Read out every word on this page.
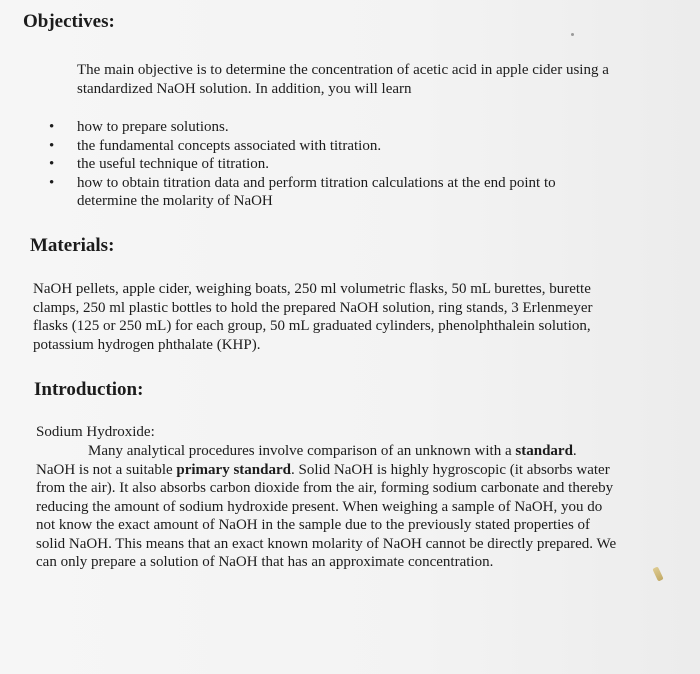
Objectives:

The main objective is to determine the concentration of acetic acid in apple cider using a standardized NaOH solution. In addition, you will learn

• how to prepare solutions.
• the fundamental concepts associated with titration.
• the useful technique of titration.
• how to obtain titration data and perform titration calculations at the end point to determine the molarity of NaOH
Materials:

NaOH pellets, apple cider, weighing boats, 250 ml volumetric flasks, 50 mL burettes, burette clamps, 250 ml plastic bottles to hold the prepared NaOH solution, ring stands, 3 Erlenmeyer flasks (125 or 250 mL) for each group, 50 mL graduated cylinders, phenolphthalein solution, potassium hydrogen phthalate (KHP).

Introduction:

Sodium Hydroxide:

Many analytical procedures involve comparison of an unknown with a standard. NaOH is not a suitable primary standard. Solid NaOH is highly hygroscopic (it absorbs water from the air). It also absorbs carbon dioxide from the air, forming sodium carbonate and thereby reducing the amount of sodium hydroxide present. When weighing a sample of NaOH, you do not know the exact amount of NaOH in the sample due to the previously stated properties of solid NaOH. This means that an exact known molarity of NaOH cannot be directly prepared. We can only prepare a solution of NaOH that has an approximate concentration.
